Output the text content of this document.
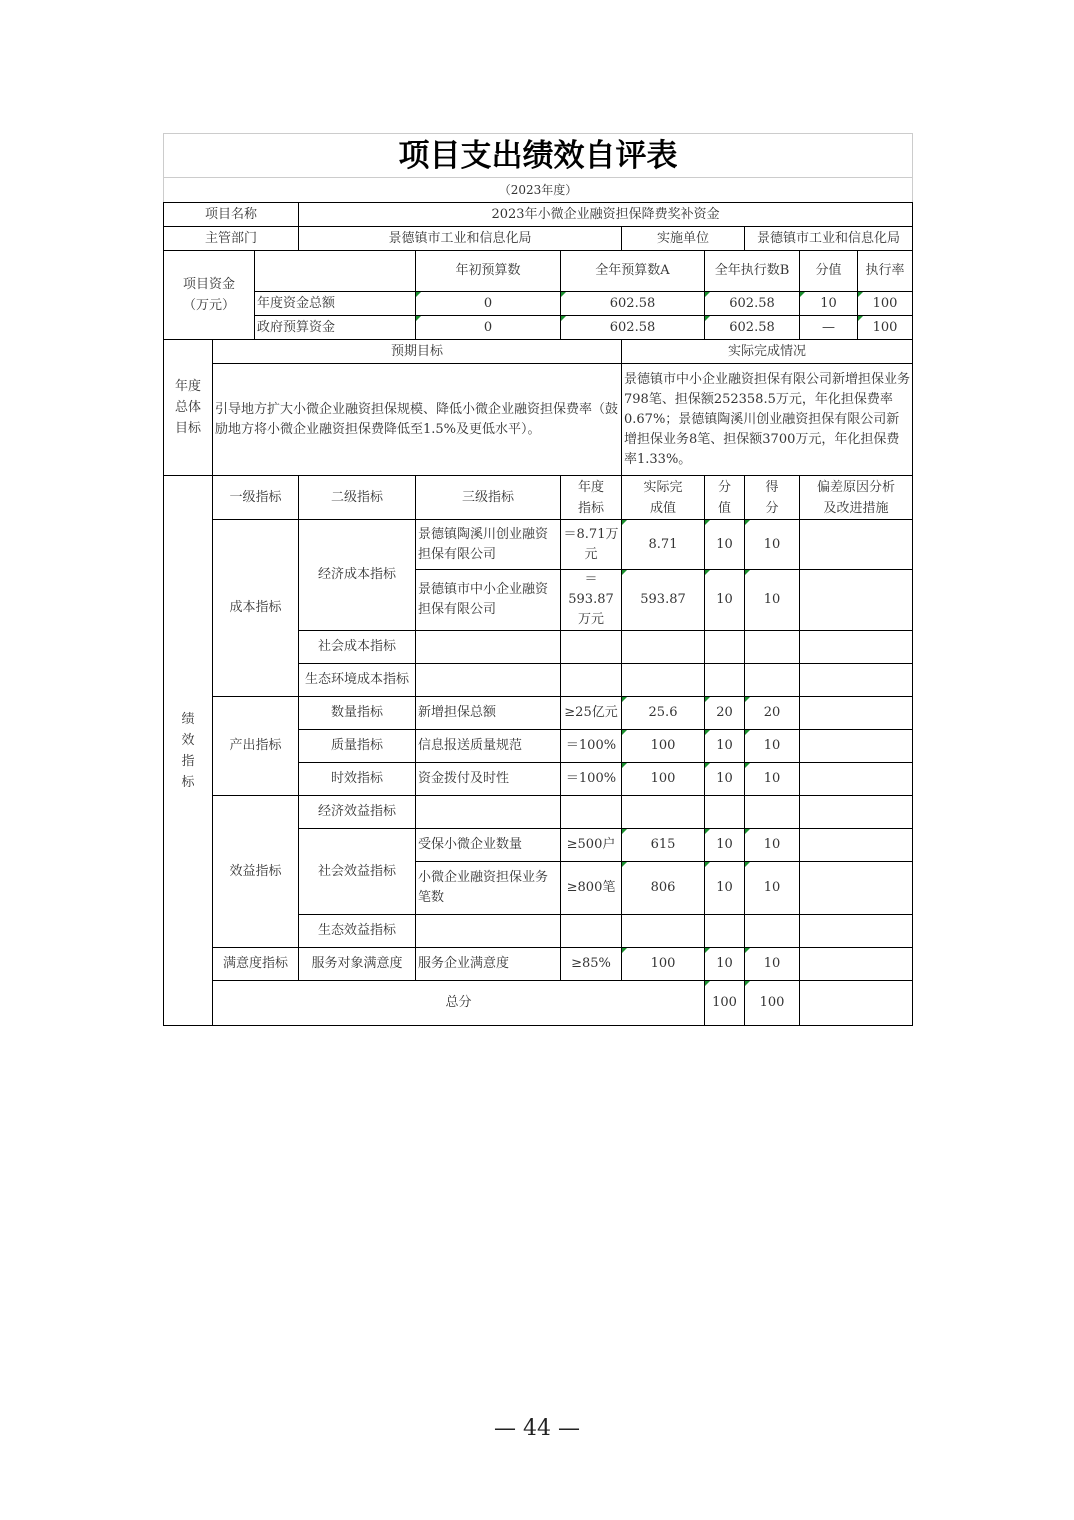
项目支出绩效自评表											
（2023年度）											
项目名称			2023年小微企业融资担保降费奖补资金								
主管部门			景德镇市工业和信息化局			实施单位		景德镇市工业和信息化局			
项目资金（万元）				年初预算数	全年预算数A		全年执行数B		分值	执行率	
		年度资金总额		0	602.58		602.58		10	100	
		政府预算资金		0	602.58		602.58		—	100	
年度总体目标	预期目标					实际完成情况					
	引导地方扩大小微企业融资担保规模、降低小微企业融资担保费率（鼓励地方将小微企业融资担保费降低至1.5%及更低水平）。					景德镇市中小企业融资担保有限公司新增担保业务798笔、担保额252358.5万元，年化担保费率0.67%；景德镇陶溪川创业融资担保有限公司新增担保业务8笔、担保额3700万元，年化担保费率1.33%。					
绩效指标	一级指标		二级指标	三级指标	年度指标	实际完成值	分值	得分	偏差原因分析及改进措施		
	成本指标		经济成本指标	景德镇陶溪川创业融资担保有限公司	＝8.71万元	8.71	10	10			
				景德镇市中小企业融资担保有限公司	＝593.87万元	593.87	10	10			
			社会成本指标								
			生态环境成本指标								
	产出指标		数量指标	新增担保总额	≥25亿元	25.6	20	20			
			质量指标	信息报送质量规范	＝100%	100	10	10			
			时效指标	资金拨付及时性	＝100%	100	10	10			
	效益指标		经济效益指标								
			社会效益指标	受保小微企业数量	≥500户	615	10	10			
				小微企业融资担保业务笔数	≥800笔	806	10	10			
			生态效益指标								
	满意度指标		服务对象满意度	服务企业满意度	≥85%	100	10	10			
	总分						100	100			
— 44 —
